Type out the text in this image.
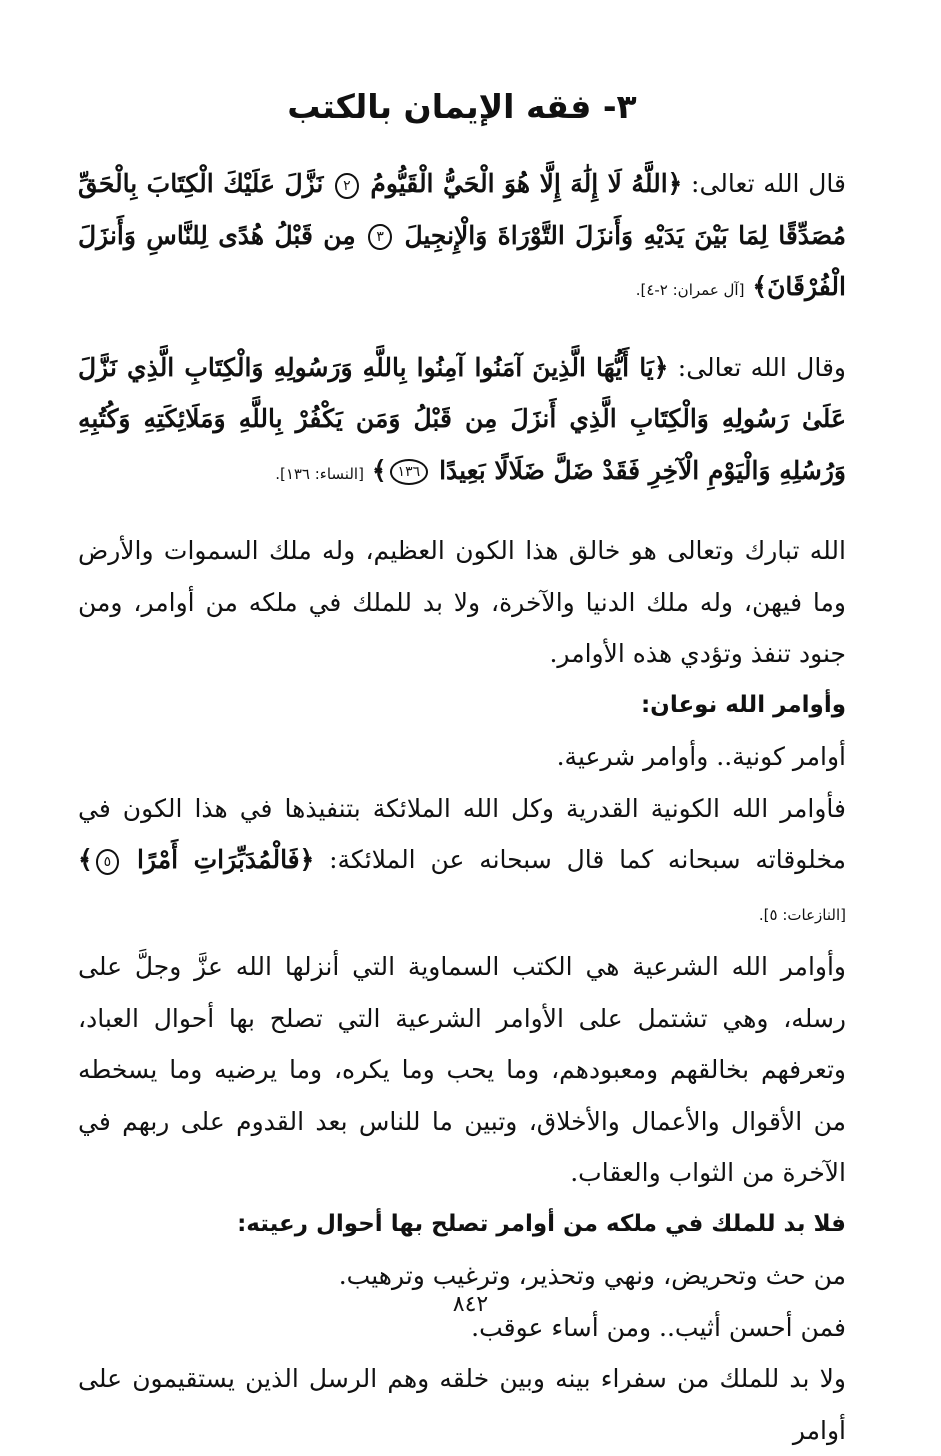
٣- فقه الإيمان بالكتب

قال الله تعالى: ﴿اللَّهُ لَا إِلَٰهَ إِلَّا هُوَ الْحَيُّ الْقَيُّومُ ٢ نَزَّلَ عَلَيْكَ الْكِتَابَ بِالْحَقِّ مُصَدِّقًا لِمَا بَيْنَ يَدَيْهِ وَأَنزَلَ التَّوْرَاةَ وَالْإِنجِيلَ ٣ مِن قَبْلُ هُدًى لِلنَّاسِ وَأَنزَلَ الْفُرْقَانَ﴾ [آل عمران: ٢-٤].

وقال الله تعالى: ﴿يَا أَيُّهَا الَّذِينَ آمَنُوا آمِنُوا بِاللَّهِ وَرَسُولِهِ وَالْكِتَابِ الَّذِي نَزَّلَ عَلَىٰ رَسُولِهِ وَالْكِتَابِ الَّذِي أَنزَلَ مِن قَبْلُ وَمَن يَكْفُرْ بِاللَّهِ وَمَلَائِكَتِهِ وَكُتُبِهِ وَرُسُلِهِ وَالْيَوْمِ الْآخِرِ فَقَدْ ضَلَّ ضَلَالًا بَعِيدًا ١٣٦﴾ [النساء: ١٣٦].

الله تبارك وتعالى هو خالق هذا الكون العظيم، وله ملك السموات والأرض وما فيهن، وله ملك الدنيا والآخرة، ولا بد للملك في ملكه من أوامر، ومن جنود تنفذ وتؤدي هذه الأوامر.

وأوامر الله نوعان:

أوامر كونية.. وأوامر شرعية.

فأوامر الله الكونية القدرية وكل الله الملائكة بتنفيذها في هذا الكون في مخلوقاته سبحانه كما قال سبحانه عن الملائكة: ﴿فَالْمُدَبِّرَاتِ أَمْرًا ٥﴾ [النازعات: ٥].

وأوامر الله الشرعية هي الكتب السماوية التي أنزلها الله عزَّ وجلَّ على رسله، وهي تشتمل على الأوامر الشرعية التي تصلح بها أحوال العباد، وتعرفهم بخالقهم ومعبودهم، وما يحب وما يكره، وما يرضيه وما يسخطه من الأقوال والأعمال والأخلاق، وتبين ما للناس بعد القدوم على ربهم في الآخرة من الثواب والعقاب.

فلا بد للملك في ملكه من أوامر تصلح بها أحوال رعيته:

من حث وتحريض، ونهي وتحذير، وترغيب وترهيب.

فمن أحسن أثيب.. ومن أساء عوقب.

ولا بد للملك من سفراء بينه وبين خلقه وهم الرسل الذين يستقيمون على أوامر

٨٤٢
